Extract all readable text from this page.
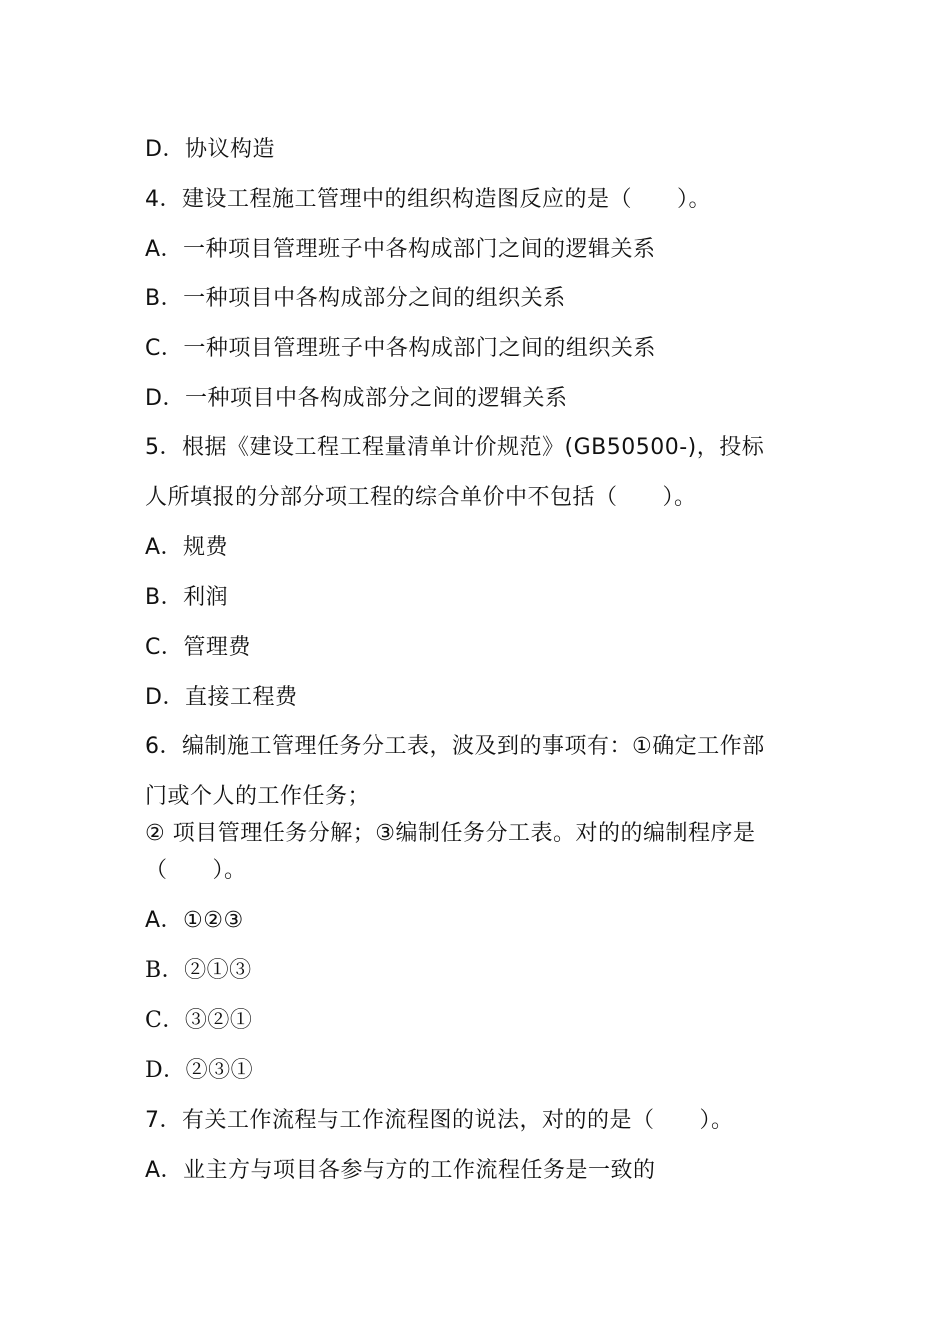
D．协议构造
4．建设工程施工管理中的组织构造图反应的是（　　）。
A．一种项目管理班子中各构成部门之间的逻辑关系
B．一种项目中各构成部分之间的组织关系
C．一种项目管理班子中各构成部门之间的组织关系
D．一种项目中各构成部分之间的逻辑关系
5．根据《建设工程工程量清单计价规范》(GB50500-)，投标
人所填报的分部分项工程的综合单价中不包括（　　）。
A．规费
B．利润
C．管理费
D．直接工程费
6．编制施工管理任务分工表，波及到的事项有：①确定工作部
门或个人的工作任务；
② 项目管理任务分解；③编制任务分工表。对的的编制程序是
（　　）。
A．①②③
B．②①③
C．③②①
D．②③①
7．有关工作流程与工作流程图的说法，对的的是（　　）。
A．业主方与项目各参与方的工作流程任务是一致的
